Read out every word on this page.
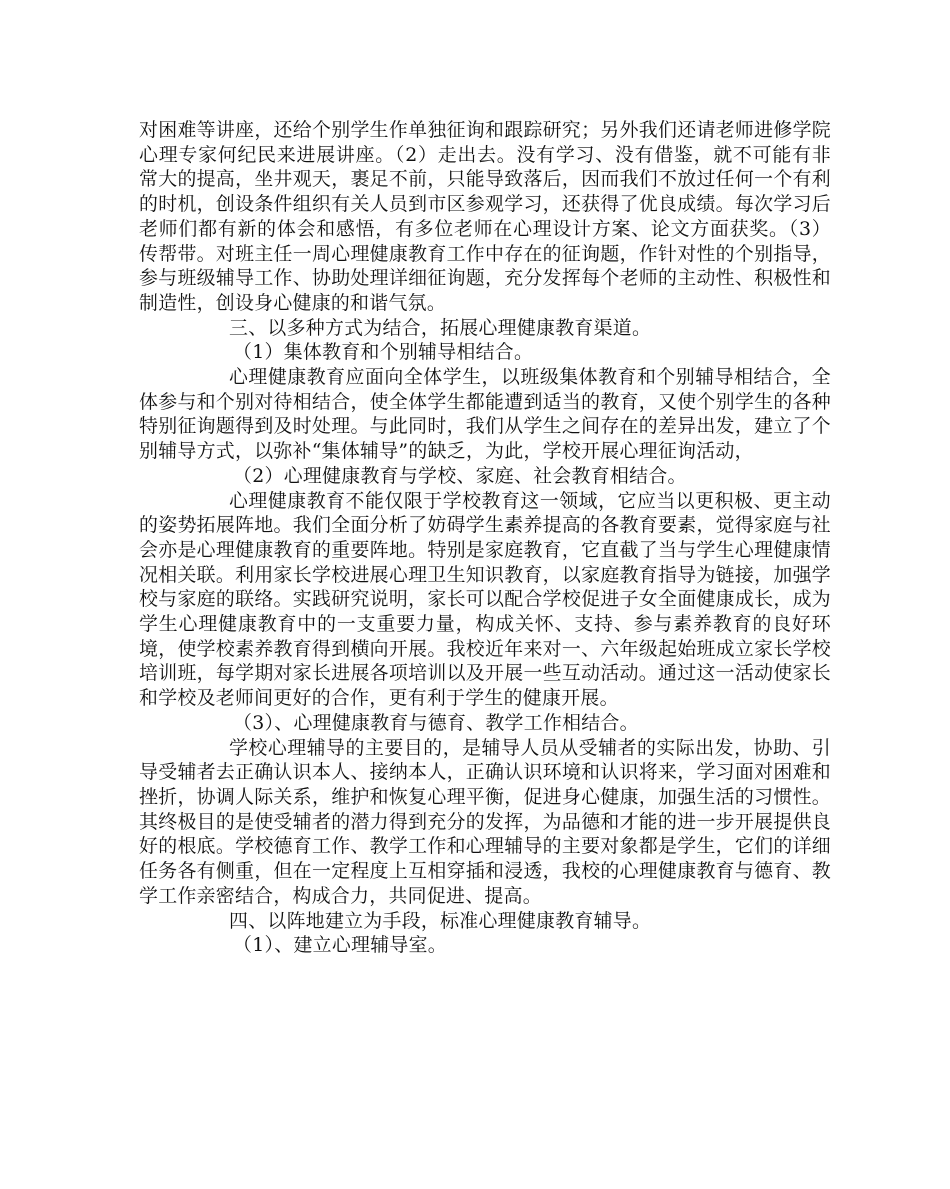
对困难等讲座，还给个别学生作单独征询和跟踪研究；另外我们还请老师进修学院心理专家何纪民来进展讲座。（2）走出去。没有学习、没有借鉴，就不可能有非常大的提高，坐井观天，裹足不前，只能导致落后，因而我们不放过任何一个有利的时机，创设条件组织有关人员到市区参观学习，还获得了优良成绩。每次学习后老师们都有新的体会和感悟，有多位老师在心理设计方案、论文方面获奖。（3）传帮带。对班主任一周心理健康教育工作中存在的征询题，作针对性的个别指导，参与班级辅导工作、协助处理详细征询题，充分发挥每个老师的主动性、积极性和制造性，创设身心健康的和谐气氛。

三、以多种方式为结合，拓展心理健康教育渠道。

（1）集体教育和个别辅导相结合。

心理健康教育应面向全体学生，以班级集体教育和个别辅导相结合，全体参与和个别对待相结合，使全体学生都能遭到适当的教育，又使个别学生的各种特别征询题得到及时处理。与此同时，我们从学生之间存在的差异出发，建立了个别辅导方式，以弥补“集体辅导”的缺乏，为此，学校开展心理征询活动，

（2）心理健康教育与学校、家庭、社会教育相结合。

心理健康教育不能仅限于学校教育这一领域，它应当以更积极、更主动的姿势拓展阵地。我们全面分析了妨碍学生素养提高的各教育要素，觉得家庭与社会亦是心理健康教育的重要阵地。特别是家庭教育，它直截了当与学生心理健康情况相关联。利用家长学校进展心理卫生知识教育，以家庭教育指导为链接，加强学校与家庭的联络。实践研究说明，家长可以配合学校促进子女全面健康成长，成为学生心理健康教育中的一支重要力量，构成关怀、支持、参与素养教育的良好环境，使学校素养教育得到横向开展。我校近年来对一、六年级起始班成立家长学校培训班，每学期对家长进展各项培训以及开展一些互动活动。通过这一活动使家长和学校及老师间更好的合作，更有利于学生的健康开展。

（3）、心理健康教育与德育、教学工作相结合。

学校心理辅导的主要目的，是辅导人员从受辅者的实际出发，协助、引导受辅者去正确认识本人、接纳本人，正确认识环境和认识将来，学习面对困难和挫折，协调人际关系，维护和恢复心理平衡，促进身心健康，加强生活的习惯性。其终极目的是使受辅者的潜力得到充分的发挥，为品德和才能的进一步开展提供良好的根底。学校德育工作、教学工作和心理辅导的主要对象都是学生，它们的详细任务各有侧重，但在一定程度上互相穿插和浸透，我校的心理健康教育与德育、教学工作亲密结合，构成合力，共同促进、提高。

四、以阵地建立为手段，标准心理健康教育辅导。

（1）、建立心理辅导室。
